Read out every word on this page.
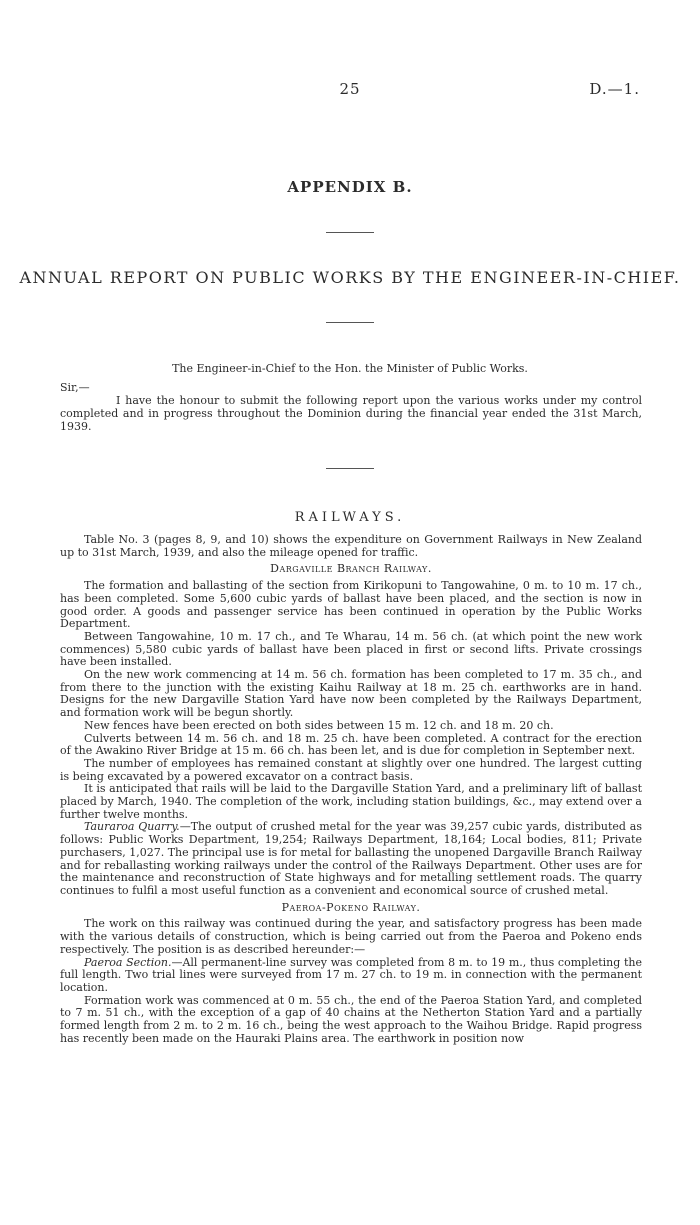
25	D.—1.
APPENDIX B.
ANNUAL REPORT ON PUBLIC WORKS BY THE ENGINEER-IN-CHIEF.
The Engineer-in-Chief to the Hon. the Minister of Public Works.
Sir,—

I have the honour to submit the following report upon the various works under my control completed and in progress throughout the Dominion during the financial year ended the 31st March, 1939.

RAILWAYS.

Table No. 3 (pages 8, 9, and 10) shows the expenditure on Government Railways in New Zealand up to 31st March, 1939, and also the mileage opened for traffic.

Dargaville Branch Railway.

The formation and ballasting of the section from Kirikopuni to Tangowahine, 0 m. to 10 m. 17 ch., has been completed. Some 5,600 cubic yards of ballast have been placed, and the section is now in good order. A goods and passenger service has been continued in operation by the Public Works Department.

Between Tangowahine, 10 m. 17 ch., and Te Wharau, 14 m. 56 ch. (at which point the new work commences) 5,580 cubic yards of ballast have been placed in first or second lifts. Private crossings have been installed.

On the new work commencing at 14 m. 56 ch. formation has been completed to 17 m. 35 ch., and from there to the junction with the existing Kaihu Railway at 18 m. 25 ch. earthworks are in hand. Designs for the new Dargaville Station Yard have now been completed by the Railways Department, and formation work will be begun shortly.

New fences have been erected on both sides between 15 m. 12 ch. and 18 m. 20 ch.

Culverts between 14 m. 56 ch. and 18 m. 25 ch. have been completed. A contract for the erection of the Awakino River Bridge at 15 m. 66 ch. has been let, and is due for completion in September next.

The number of employees has remained constant at slightly over one hundred. The largest cutting is being excavated by a powered excavator on a contract basis.

It is anticipated that rails will be laid to the Dargaville Station Yard, and a preliminary lift of ballast placed by March, 1940. The completion of the work, including station buildings, &c., may extend over a further twelve months.

Tauraroa Quarry.—The output of crushed metal for the year was 39,257 cubic yards, distributed as follows: Public Works Department, 19,254; Railways Department, 18,164; Local bodies, 811; Private purchasers, 1,027. The principal use is for metal for ballasting the unopened Dargaville Branch Railway and for reballasting working railways under the control of the Railways Department. Other uses are for the maintenance and reconstruction of State highways and for metalling settlement roads. The quarry continues to fulfil a most useful function as a convenient and economical source of crushed metal.

Paeroa-Pokeno Railway.

The work on this railway was continued during the year, and satisfactory progress has been made with the various details of construction, which is being carried out from the Paeroa and Pokeno ends respectively. The position is as described hereunder:—

Paeroa Section.—All permanent-line survey was completed from 8 m. to 19 m., thus completing the full length. Two trial lines were surveyed from 17 m. 27 ch. to 19 m. in connection with the permanent location.

Formation work was commenced at 0 m. 55 ch., the end of the Paeroa Station Yard, and completed to 7 m. 51 ch., with the exception of a gap of 40 chains at the Netherton Station Yard and a partially formed length from 2 m. to 2 m. 16 ch., being the west approach to the Waihou Bridge. Rapid progress has recently been made on the Hauraki Plains area. The earthwork in position now
